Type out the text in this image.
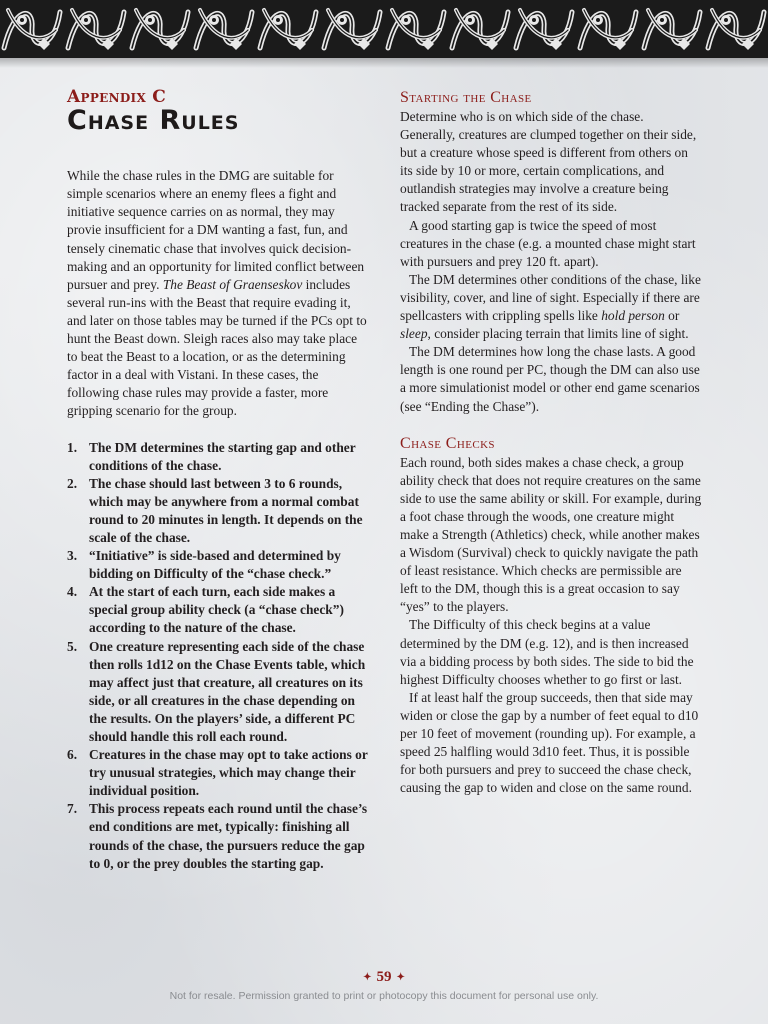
Appendix C
Chase Rules

While the chase rules in the DMG are suitable for simple scenarios where an enemy flees a fight and initiative sequence carries on as normal, they may provie insufficient for a DM wanting a fast, fun, and tensely cinematic chase that involves quick decision-making and an opportunity for limited conflict between pursuer and prey. The Beast of Graenseskov includes several run-ins with the Beast that require evading it, and later on those tables may be turned if the PCs opt to hunt the Beast down. Sleigh races also may take place to beat the Beast to a location, or as the determining factor in a deal with Vistani. In these cases, the following chase rules may provide a faster, more gripping scenario for the group.

1. The DM determines the starting gap and other conditions of the chase.
2. The chase should last between 3 to 6 rounds, which may be anywhere from a normal combat round to 20 minutes in length. It depends on the scale of the chase.
3. “Initiative” is side-based and determined by bidding on Difficulty of the “chase check.”
4. At the start of each turn, each side makes a special group ability check (a “chase check”) according to the nature of the chase.
5. One creature representing each side of the chase then rolls 1d12 on the Chase Events table, which may affect just that creature, all creatures on its side, or all creatures in the chase depending on the results. On the players’ side, a different PC should handle this roll each round.
6. Creatures in the chase may opt to take actions or try unusual strategies, which may change their individual position.
7. This process repeats each round until the chase’s end conditions are met, typically: finishing all rounds of the chase, the pursuers reduce the gap to 0, or the prey doubles the starting gap.
Starting the Chase

Determine who is on which side of the chase. Generally, creatures are clumped together on their side, but a creature whose speed is different from others on its side by 10 or more, certain complications, and outlandish strategies may involve a creature being tracked separate from the rest of its side.

A good starting gap is twice the speed of most creatures in the chase (e.g. a mounted chase might start with pursuers and prey 120 ft. apart).

The DM determines other conditions of the chase, like visibility, cover, and line of sight. Especially if there are spellcasters with crippling spells like hold person or sleep, consider placing terrain that limits line of sight.

The DM determines how long the chase lasts. A good length is one round per PC, though the DM can also use a more simulationist model or other end game scenarios (see “Ending the Chase”).

Chase Checks

Each round, both sides makes a chase check, a group ability check that does not require creatures on the same side to use the same ability or skill. For example, during a foot chase through the woods, one creature might make a Strength (Athletics) check, while another makes a Wisdom (Survival) check to quickly navigate the path of least resistance. Which checks are permissible are left to the DM, though this is a great occasion to say “yes” to the players.

The Difficulty of this check begins at a value determined by the DM (e.g. 12), and is then increased via a bidding process by both sides. The side to bid the highest Difficulty chooses whether to go first or last.

If at least half the group succeeds, then that side may widen or close the gap by a number of feet equal to d10 per 10 feet of movement (rounding up). For example, a speed 25 halfling would 3d10 feet. Thus, it is possible for both pursuers and prey to succeed the chase check, causing the gap to widen and close on the same round.

✦ 59 ✦
Not for resale. Permission granted to print or photocopy this document for personal use only.
